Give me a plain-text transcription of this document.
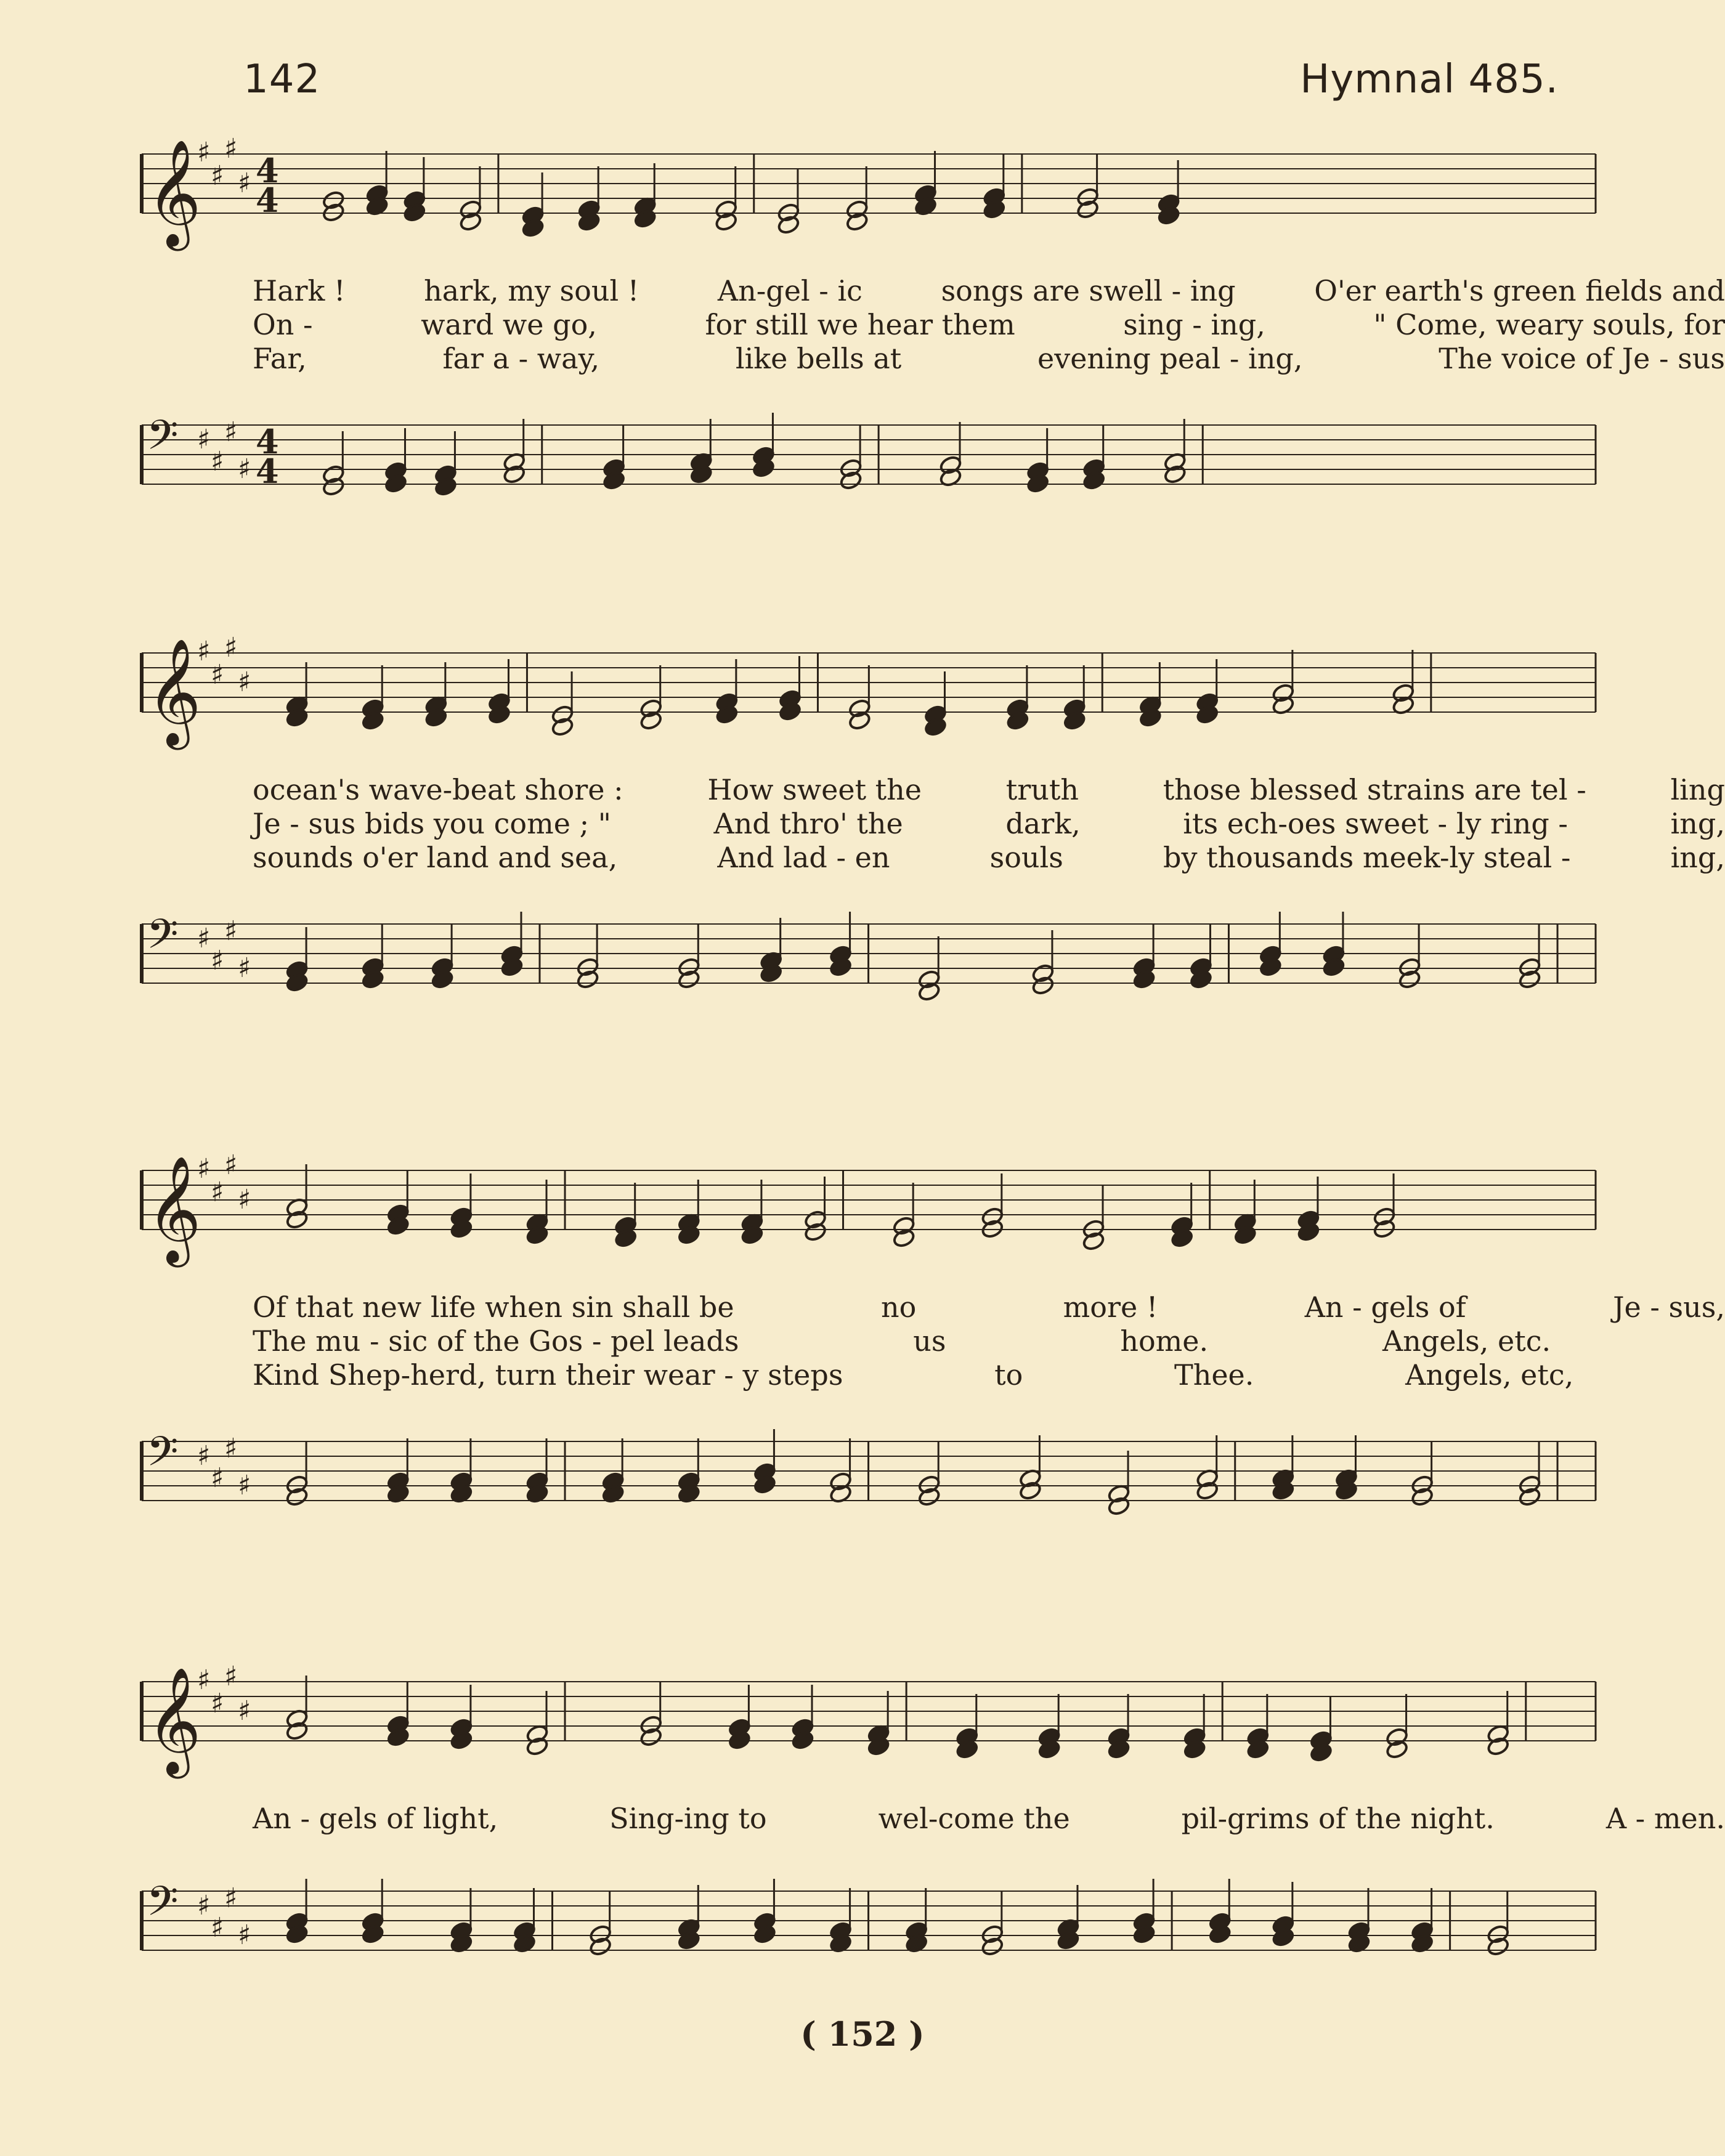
142	Hymnal 485.
𝄞
♯
♯
♯
♯ 4
4
Hark !	hark, my soul !	An-gel - ic	songs are swell - ing	O'er earth's green fields and
On -	ward we go,	for still we hear them	sing - ing,	" Come, weary souls, for
Far,	far a - way,	like bells at	evening peal - ing,	The voice of Je - sus
𝄢 ♯
♯
♯
♯
4
4
𝄞
♯
♯
♯
♯
ocean's wave-beat shore :	How sweet the	truth	those blessed strains are tel -	ling
Je - sus bids you come ; "	And thro' the	dark,	its ech-oes sweet - ly ring -	ing,
sounds o'er land and sea,	And lad - en	souls	by thousands meek-ly steal -	ing,
𝄢 ♯
♯
♯
♯
𝄞
♯
♯
♯
♯
Of that new life when sin shall be	no	more !	An - gels of	Je - sus,
The mu - sic of the Gos - pel leads	us	home.	Angels, etc.
Kind Shep-herd, turn their wear - y steps	to	Thee.	Angels, etc,
𝄢 ♯
♯
♯
♯
𝄞
♯
♯
♯
♯
An - gels of light,	Sing-ing to	wel-come the	pil-grims of the night.	A - men.
𝄢 ♯
♯
♯
♯
( 152 )
